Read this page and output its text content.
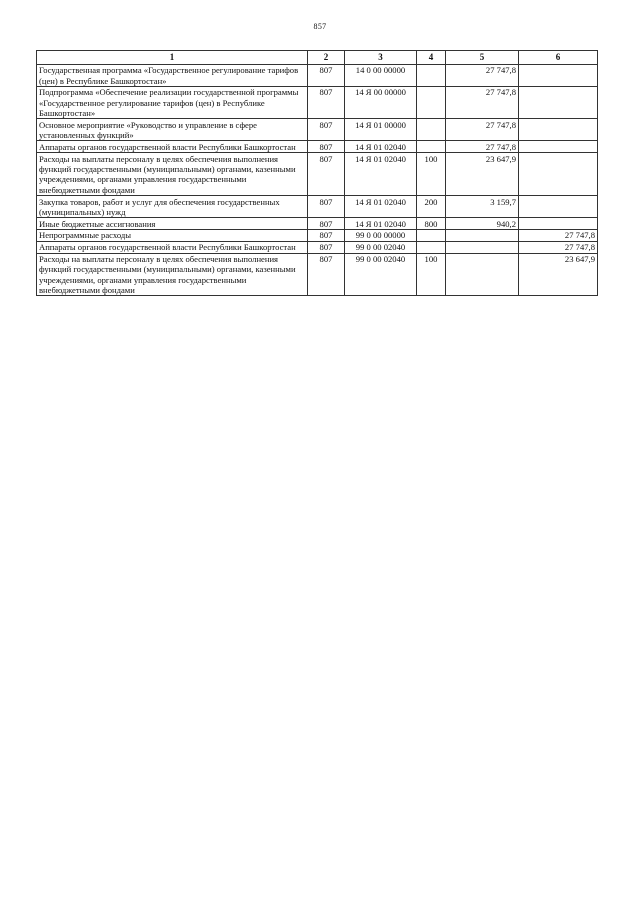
857
1	2	3	4	5	6
Государственная программа «Государственное регулирование тарифов (цен) в Республике Башкортостан»	807	14 0 00 00000		27 747,8	
Подпрограмма «Обеспечение реализации государственной программы «Государственное регулирование тарифов (цен) в Республике Башкортостан»	807	14 Я 00 00000		27 747,8	
Основное мероприятие «Руководство и управление в сфере установленных функций»	807	14 Я 01 00000		27 747,8	
Аппараты органов государственной власти Республики Башкортостан	807	14 Я 01 02040		27 747,8	
Расходы на выплаты персоналу в целях обеспечения выполнения функций государственными (муниципальными) органами, казенными учреждениями, органами управления государственными внебюджетными фондами	807	14 Я 01 02040	100	23 647,9	
Закупка товаров, работ и услуг для обеспечения государственных (муниципальных) нужд	807	14 Я 01 02040	200	3 159,7	
Иные бюджетные ассигнования	807	14 Я 01 02040	800	940,2	
Непрограммные расходы	807	99 0 00 00000			27 747,8
Аппараты органов государственной власти Республики Башкортостан	807	99 0 00 02040			27 747,8
Расходы на выплаты персоналу в целях обеспечения выполнения функций государственными (муниципальными) органами, казенными учреждениями, органами управления государственными внебюджетными фондами	807	99 0 00 02040	100		23 647,9
